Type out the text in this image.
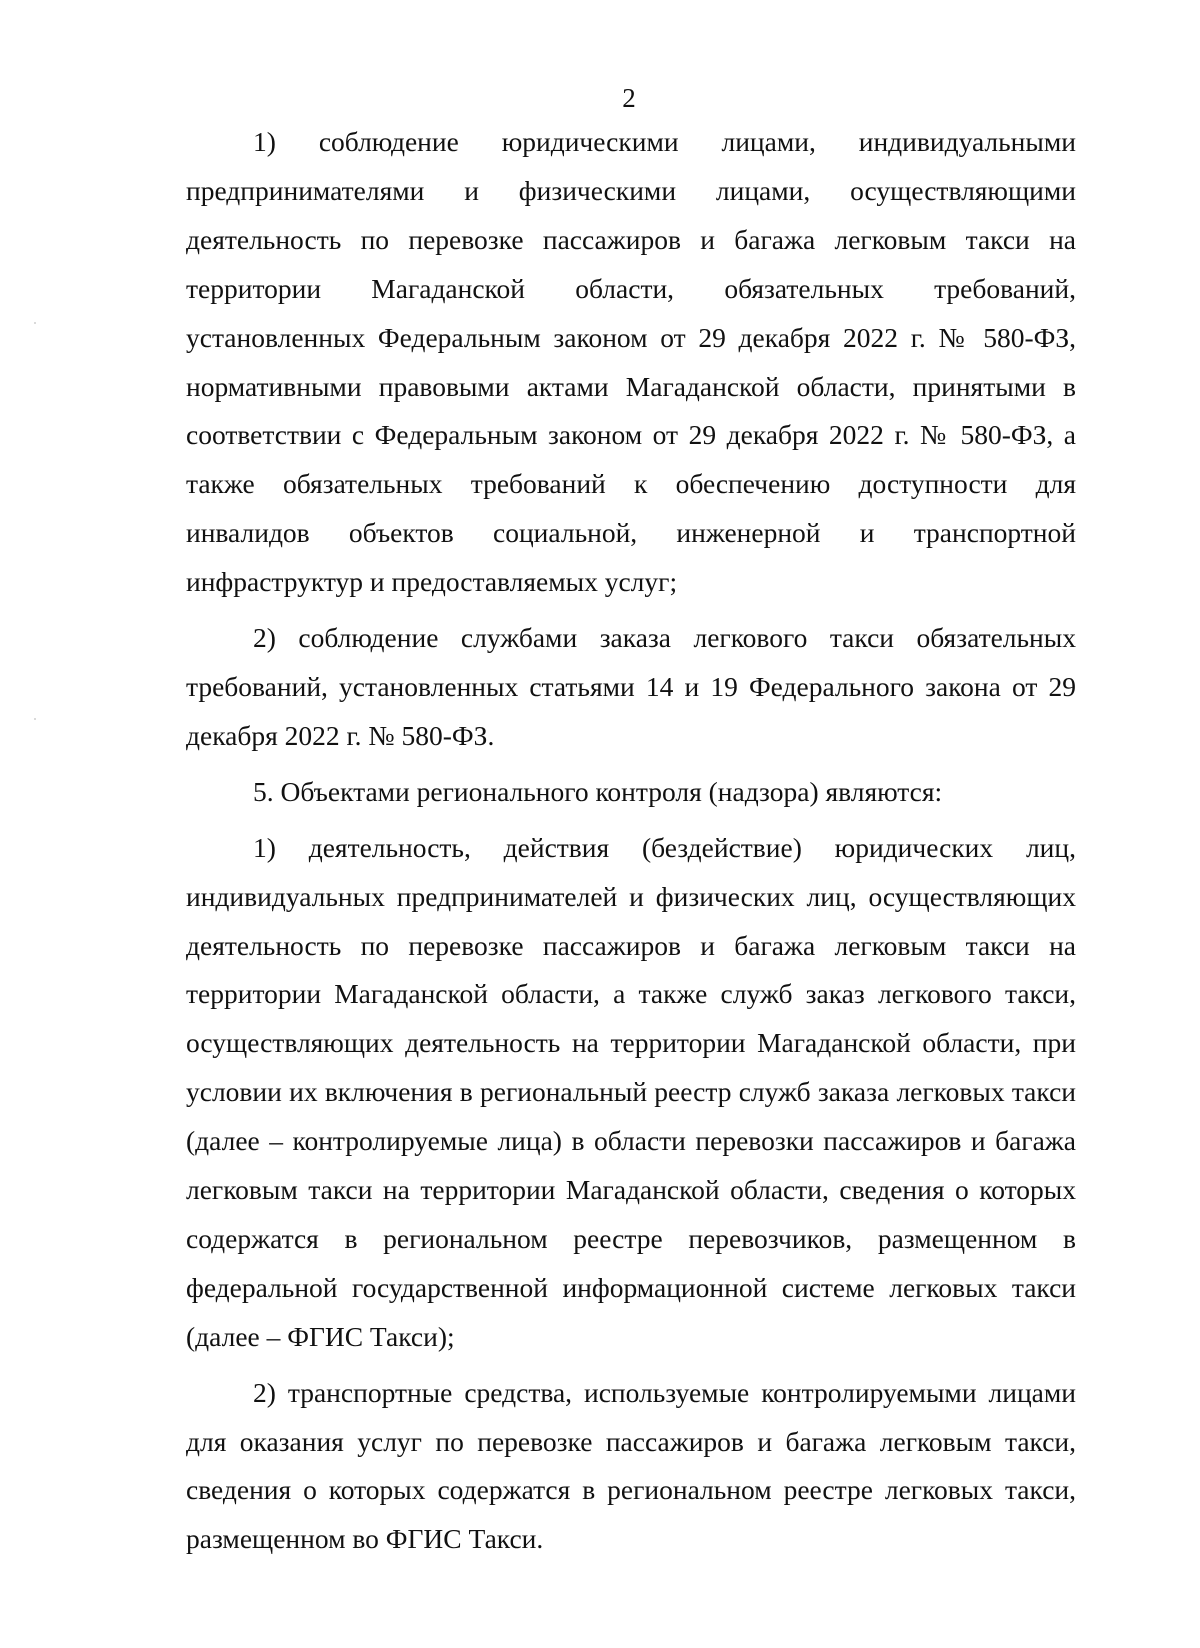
2

1) соблюдение юридическими лицами, индивидуальными предпринимателями и физическими лицами, осуществляющими деятельность по перевозке пассажиров и багажа легковым такси на территории Магаданской области, обязательных требований, установленных Федеральным законом от 29 декабря 2022 г. № 580-ФЗ, нормативными правовыми актами Магаданской области, принятыми в соответствии с Федеральным законом от 29 декабря 2022 г. № 580-ФЗ, а также обязательных требований к обеспечению доступности для инвалидов объектов социальной, инженерной и транспортной инфраструктур и предоставляемых услуг;

2) соблюдение службами заказа легкового такси обязательных требований, установленных статьями 14 и 19 Федерального закона от 29 декабря 2022 г. № 580-ФЗ.

5. Объектами регионального контроля (надзора) являются:

1) деятельность, действия (бездействие) юридических лиц, индивидуальных предпринимателей и физических лиц, осуществляющих деятельность по перевозке пассажиров и багажа легковым такси на территории Магаданской области, а также служб заказ легкового такси, осуществляющих деятельность на территории Магаданской области, при условии их включения в региональный реестр служб заказа легковых такси (далее – контролируемые лица) в области перевозки пассажиров и багажа легковым такси на территории Магаданской области, сведения о которых содержатся в региональном реестре перевозчиков, размещенном в федеральной государственной информационной системе легковых такси (далее – ФГИС Такси);

2) транспортные средства, используемые контролируемыми лицами для оказания услуг по перевозке пассажиров и багажа легковым такси, сведения о которых содержатся в региональном реестре легковых такси, размещенном во ФГИС Такси.
